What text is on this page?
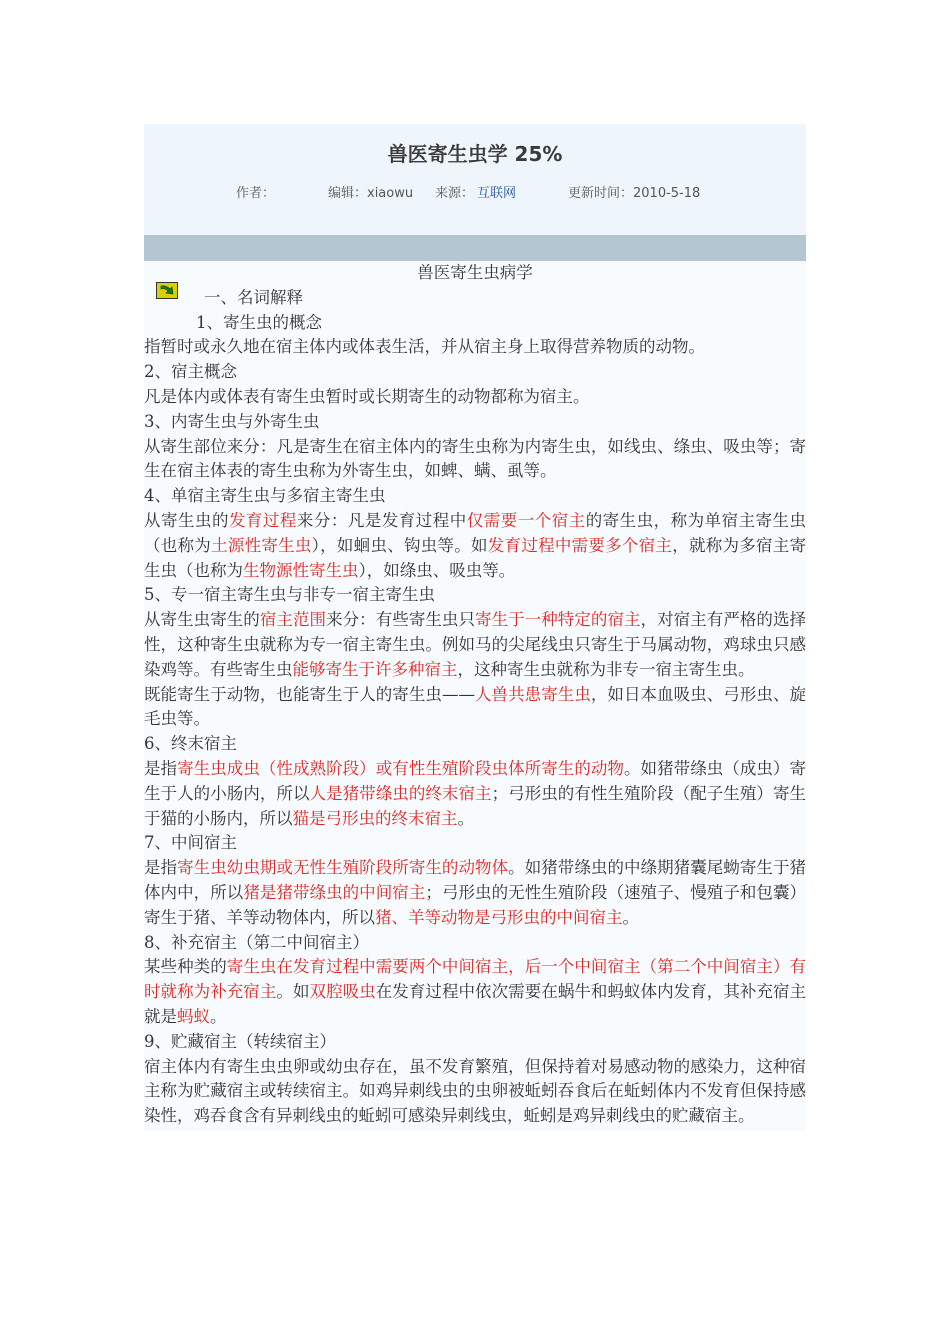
兽医寄生虫学 25%
作者：	编辑：xiaowu 来源： 互联网	更新时间：2010-5-18

兽医寄生虫病学

一、名词解释

1、寄生虫的概念

指暂时或永久地在宿主体内或体表生活，并从宿主身上取得营养物质的动物。

2、宿主概念

凡是体内或体表有寄生虫暂时或长期寄生的动物都称为宿主。

3、内寄生虫与外寄生虫

从寄生部位来分：凡是寄生在宿主体内的寄生虫称为内寄生虫，如线虫、绦虫、吸虫等；寄生在宿主体表的寄生虫称为外寄生虫，如蜱、螨、虱等。

4、单宿主寄生虫与多宿主寄生虫

从寄生虫的发育过程来分：凡是发育过程中仅需要一个宿主的寄生虫，称为单宿主寄生虫（也称为土源性寄生虫），如蛔虫、钩虫等。如发育过程中需要多个宿主，就称为多宿主寄生虫（也称为生物源性寄生虫），如绦虫、吸虫等。

5、专一宿主寄生虫与非专一宿主寄生虫

从寄生虫寄生的宿主范围来分：有些寄生虫只寄生于一种特定的宿主，对宿主有严格的选择性，这种寄生虫就称为专一宿主寄生虫。例如马的尖尾线虫只寄生于马属动物，鸡球虫只感染鸡等。有些寄生虫能够寄生于许多种宿主，这种寄生虫就称为非专一宿主寄生虫。

既能寄生于动物，也能寄生于人的寄生虫——人兽共患寄生虫，如日本血吸虫、弓形虫、旋毛虫等。

6、终末宿主

是指寄生虫成虫（性成熟阶段）或有性生殖阶段虫体所寄生的动物。如猪带绦虫（成虫）寄生于人的小肠内，所以人是猪带绦虫的终末宿主；弓形虫的有性生殖阶段（配子生殖）寄生于猫的小肠内，所以猫是弓形虫的终末宿主。

7、中间宿主

是指寄生虫幼虫期或无性生殖阶段所寄生的动物体。如猪带绦虫的中绦期猪囊尾蚴寄生于猪体内中，所以猪是猪带绦虫的中间宿主；弓形虫的无性生殖阶段（速殖子、慢殖子和包囊）寄生于猪、羊等动物体内，所以猪、羊等动物是弓形虫的中间宿主。

8、补充宿主（第二中间宿主）

某些种类的寄生虫在发育过程中需要两个中间宿主，后一个中间宿主（第二个中间宿主）有时就称为补充宿主。如双腔吸虫在发育过程中依次需要在蜗牛和蚂蚁体内发育，其补充宿主就是蚂蚁。

9、贮藏宿主（转续宿主）

宿主体内有寄生虫虫卵或幼虫存在，虽不发育繁殖，但保持着对易感动物的感染力，这种宿主称为贮藏宿主或转续宿主。如鸡异刺线虫的虫卵被蚯蚓吞食后在蚯蚓体内不发育但保持感染性，鸡吞食含有异刺线虫的蚯蚓可感染异刺线虫，蚯蚓是鸡异刺线虫的贮藏宿主。
